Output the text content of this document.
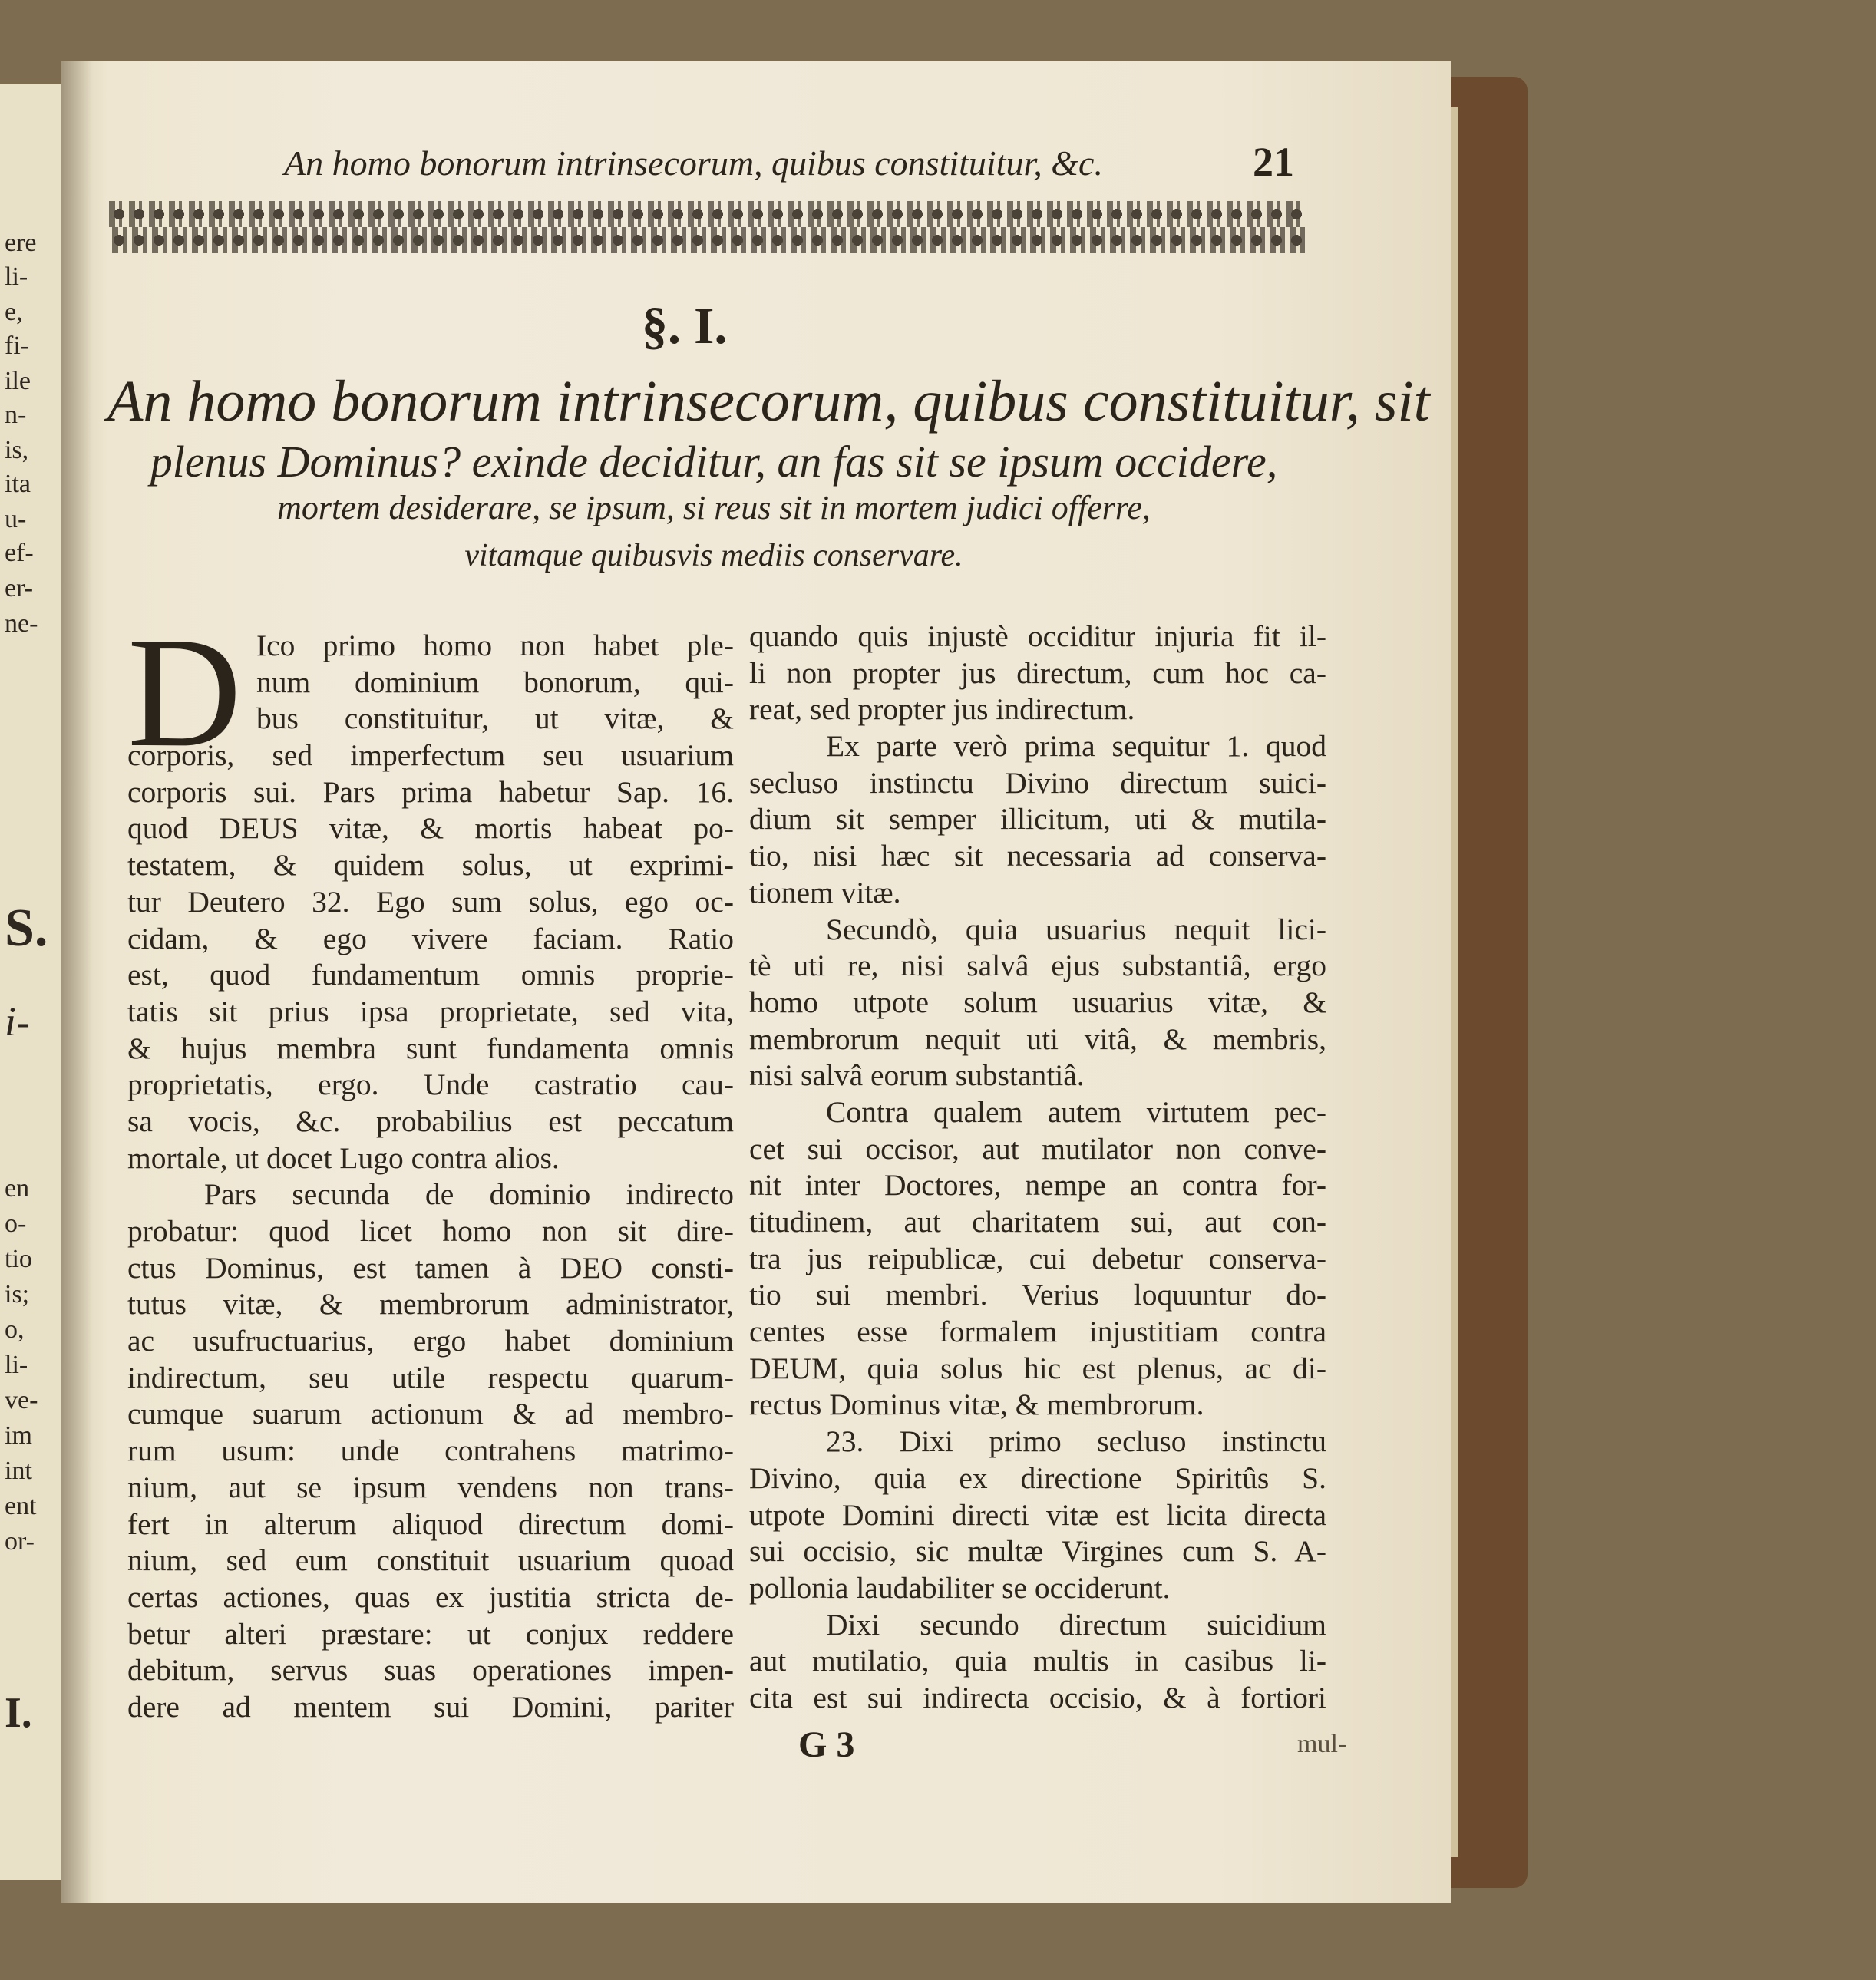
ere
li-
e,
fi-
ile
n-
is,
ita
u-
ef-
er-
ne-
S.
i-
en
o-
tio
is;
o,
li-
ve-
im
int
ent
or-
I.
An homo bonorum intrinsecorum, quibus constituitur, &c.	21
§. I.
An homo bonorum intrinsecorum, quibus constituitur, sit
plenus Dominus? exinde deciditur, an fas sit se ipsum occidere,
mortem desiderare, se ipsum, si reus sit in mortem judici offerre,
vitamque quibusvis mediis conservare.
D Ico primo homo non habet ple-
num dominium bonorum, qui-
bus constituitur, ut vitæ, &
corporis, sed imperfectum seu usuarium
corporis sui. Pars prima habetur Sap. 16.
quod DEUS vitæ, & mortis habeat po-
testatem, & quidem solus, ut exprimi-
tur Deutero 32. Ego sum solus, ego oc-
cidam, & ego vivere faciam. Ratio
est, quod fundamentum omnis proprie-
tatis sit prius ipsa proprietate, sed vita,
& hujus membra sunt fundamenta omnis
proprietatis, ergo. Unde castratio cau-
sa vocis, &c. probabilius est peccatum
mortale, ut docet Lugo contra alios.
Pars secunda de dominio indirecto
probatur: quod licet homo non sit dire-
ctus Dominus, est tamen à DEO consti-
tutus vitæ, & membrorum administrator,
ac usufructuarius, ergo habet dominium
indirectum, seu utile respectu quarum-
cumque suarum actionum & ad membro-
rum usum: unde contrahens matrimo-
nium, aut se ipsum vendens non trans-
fert in alterum aliquod directum domi-
nium, sed eum constituit usuarium quoad
certas actiones, quas ex justitia stricta de-
betur alteri præstare: ut conjux reddere
debitum, servus suas operationes impen-
dere ad mentem sui Domini, pariter
quando quis injustè occiditur injuria fit il-
li non propter jus directum, cum hoc ca-
reat, sed propter jus indirectum.
Ex parte verò prima sequitur 1. quod
secluso instinctu Divino directum suici-
dium sit semper illicitum, uti & mutila-
tio, nisi hæc sit necessaria ad conserva-
tionem vitæ.
Secundò, quia usuarius nequit lici-
tè uti re, nisi salvâ ejus substantiâ, ergo
homo utpote solum usuarius vitæ, &
membrorum nequit uti vitâ, & membris,
nisi salvâ eorum substantiâ.
Contra qualem autem virtutem pec-
cet sui occisor, aut mutilator non conve-
nit inter Doctores, nempe an contra for-
titudinem, aut charitatem sui, aut con-
tra jus reipublicæ, cui debetur conserva-
tio sui membri. Verius loquuntur do-
centes esse formalem injustitiam contra
DEUM, quia solus hic est plenus, ac di-
rectus Dominus vitæ, & membrorum.
23. Dixi primo secluso instinctu
Divino, quia ex directione Spiritûs S.
utpote Domini directi vitæ est licita directa
sui occisio, sic multæ Virgines cum S. A-
pollonia laudabiliter se occiderunt.
Dixi secundo directum suicidium
aut mutilatio, quia multis in casibus li-
cita est sui indirecta occisio, & à fortiori
G 3	mul-
